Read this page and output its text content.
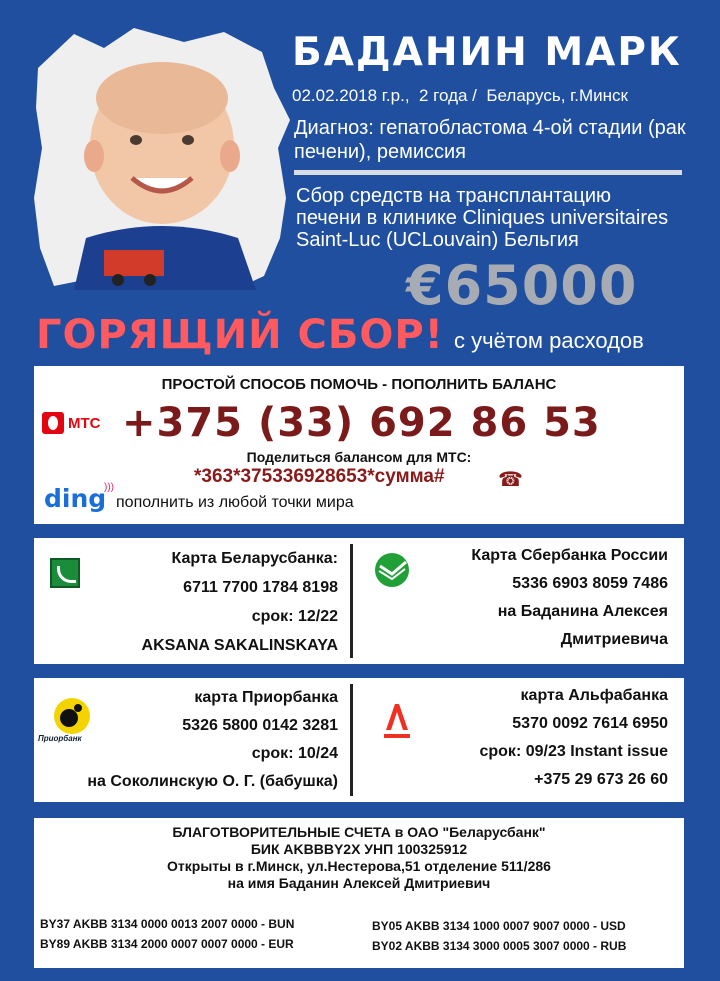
БАДАНИН МАРК
02.02.2018 г.р.,  2 года /  Беларусь, г.Минск
Диагноз: гепатобластома 4-ой стадии (рак печени), ремиссия
Сбор средств на трансплантацию печени в клинике Cliniques universitaires Saint-Luc (UCLouvain) Бельгия
€65000
ГОРЯЩИЙ СБОР! с учётом расходов
ПРОСТОЙ СПОСОБ ПОМОЧЬ - ПОПОЛНИТЬ БАЛАНС
МТС +375 (33) 692 86 53
Поделиться балансом для МТС:
*363*375336928653*сумма#	☎
ding
)))
пополнить из любой точки мира
Карта Беларусбанка:
6711 7700 1784 8198
срок: 12/22
AKSANA SAKALINSKAYA
Карта Сбербанка России
5336 6903 8059 7486
на Баданина Алексея
Дмитриевича
Приорбанк
карта Приорбанка
5326 5800 0142 3281
срок: 10/24
на Соколинскую О. Г. (бабушка)
карта Альфабанка
5370 0092 7614 6950
срок: 09/23 Instant issue
+375 29 673 26 60
БЛАГОТВОРИТЕЛЬНЫЕ СЧЕТА в ОАО "Беларусбанк"
БИК AKBBBY2X УНП 100325912
Открыты в г.Минск, ул.Нестерова,51 отделение 511/286
на имя Баданин Алексей Дмитриевич
BY37 AKBB 3134 0000 0013 2007 0000 - BUN
BY89 AKBB 3134 2000 0007 0007 0000 - EUR
BY05 AKBB 3134 1000 0007 9007 0000 - USD
BY02 AKBB 3134 3000 0005 3007 0000 - RUB
